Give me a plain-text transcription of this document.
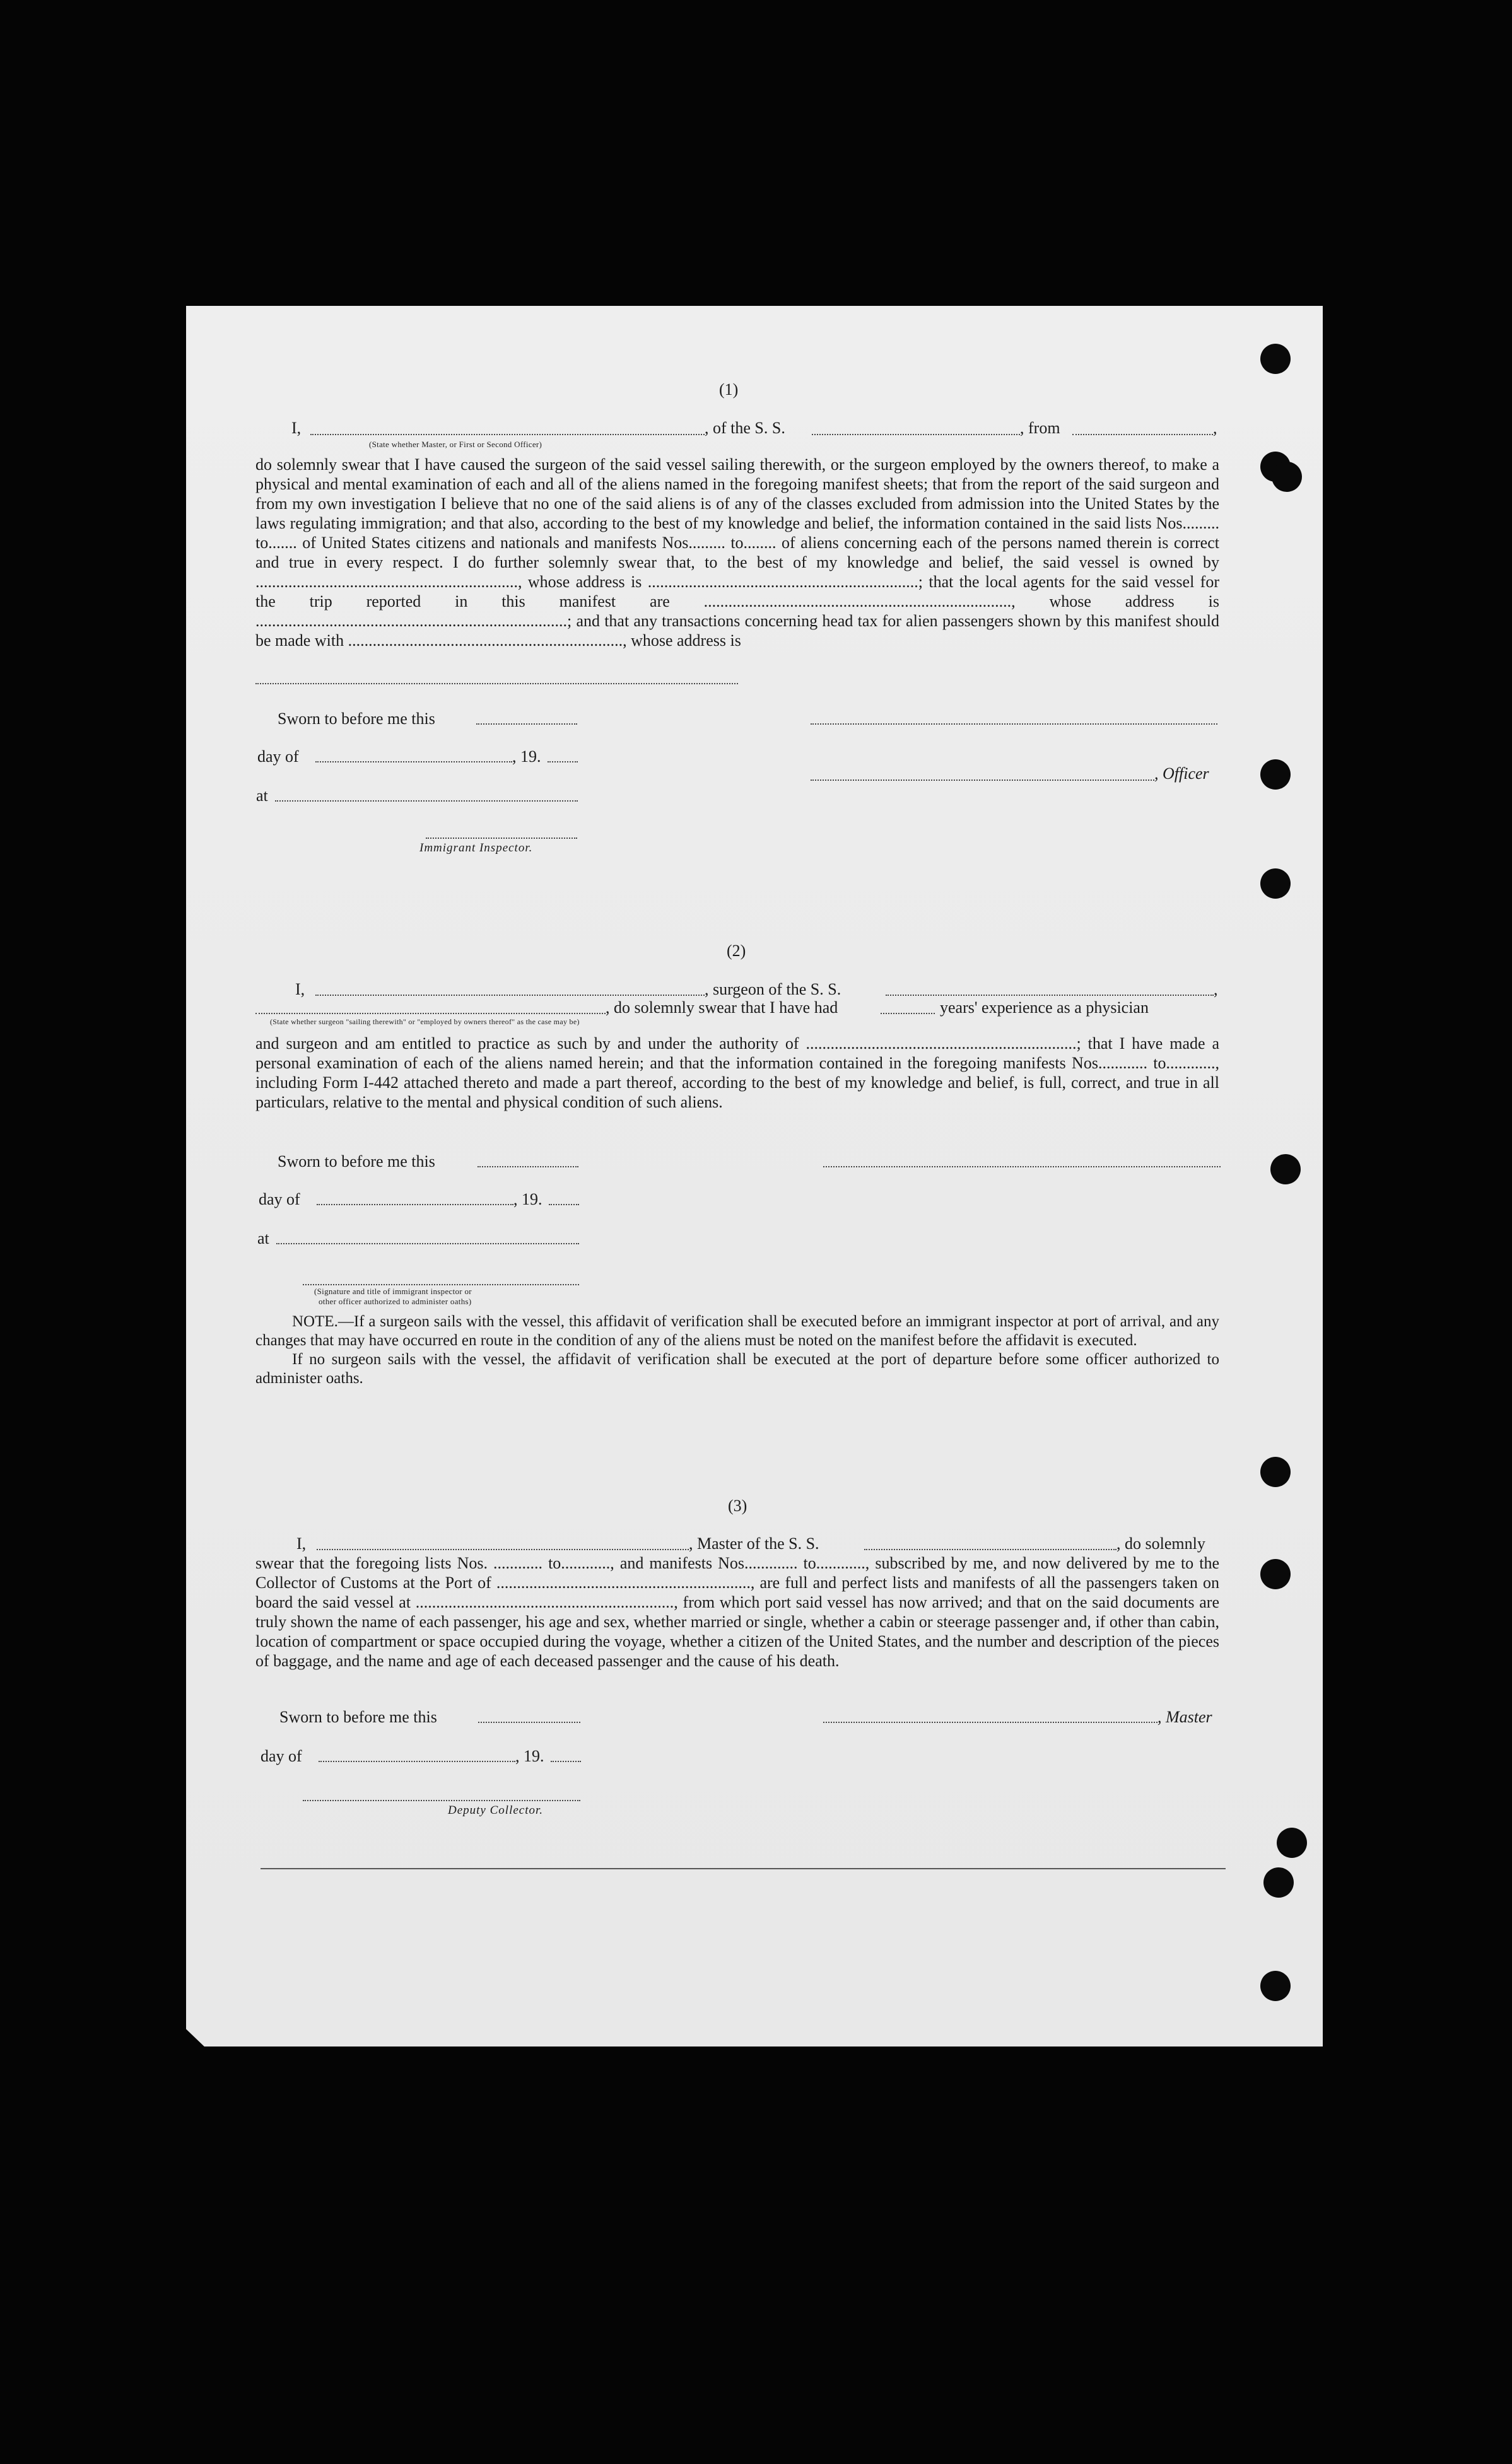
(1)
I,	, of the S. S.	, from	,
(State whether Master, or First or Second Officer)

do solemnly swear that I have caused the surgeon of the said vessel sailing therewith, or the surgeon employed by the owners thereof, to make a physical and mental examination of each and all of the aliens named in the foregoing manifest sheets; that from the report of the said surgeon and from my own investigation I believe that no one of the said aliens is of any of the classes excluded from admission into the United States by the laws regulating immigration; and that also, according to the best of my knowledge and belief, the information contained in the said lists Nos......... to....... of United States citizens and nationals and manifests Nos......... to........ of aliens concerning each of the persons named therein is correct and true in every respect. I do further solemnly swear that, to the best of my knowledge and belief, the said vessel is owned by ................................................................, whose address is ..................................................................; that the local agents for the said vessel for the trip reported in this manifest are ..........................................................................., whose address is ............................................................................; and that any transactions concerning head tax for alien passengers shown by this manifest should be made with ..................................................................., whose address is

Sworn to before me this
day of	, 19.
, Officer
at
Immigrant Inspector.
(2)
I,	, surgeon of the S. S.	,
, do solemnly swear that I have had	years' experience as a physician
(State whether surgeon "sailing therewith" or "employed by owners thereof" as the case may be)

and surgeon and am entitled to practice as such by and under the authority of ..................................................................; that I have made a personal examination of each of the aliens named herein; and that the information contained in the foregoing manifests Nos............ to............, including Form I-442 attached thereto and made a part thereof, according to the best of my knowledge and belief, is full, correct, and true in all particulars, relative to the mental and physical condition of such aliens.

Sworn to before me this
day of	, 19.
at
(Signature and title of immigrant inspector or
other officer authorized to administer oaths)

NOTE.—If a surgeon sails with the vessel, this affidavit of verification shall be executed before an immigrant inspector at port of arrival, and any changes that may have occurred en route in the condition of any of the aliens must be noted on the manifest before the affidavit is executed.

If no surgeon sails with the vessel, the affidavit of verification shall be executed at the port of departure before some officer authorized to administer oaths.

(3)
I,	, Master of the S. S.	, do solemnly

swear that the foregoing lists Nos. ............ to............, and manifests Nos............. to............, subscribed by me, and now delivered by me to the Collector of Customs at the Port of .............................................................., are full and perfect lists and manifests of all the passengers taken on board the said vessel at ..............................................................., from which port said vessel has now arrived; and that on the said documents are truly shown the name of each passenger, his age and sex, whether married or single, whether a cabin or steerage passenger and, if other than cabin, location of compartment or space occupied during the voyage, whether a citizen of the United States, and the number and description of the pieces of baggage, and the name and age of each deceased passenger and the cause of his death.

Sworn to before me this	, Master
day of	, 19.
Deputy Collector.
